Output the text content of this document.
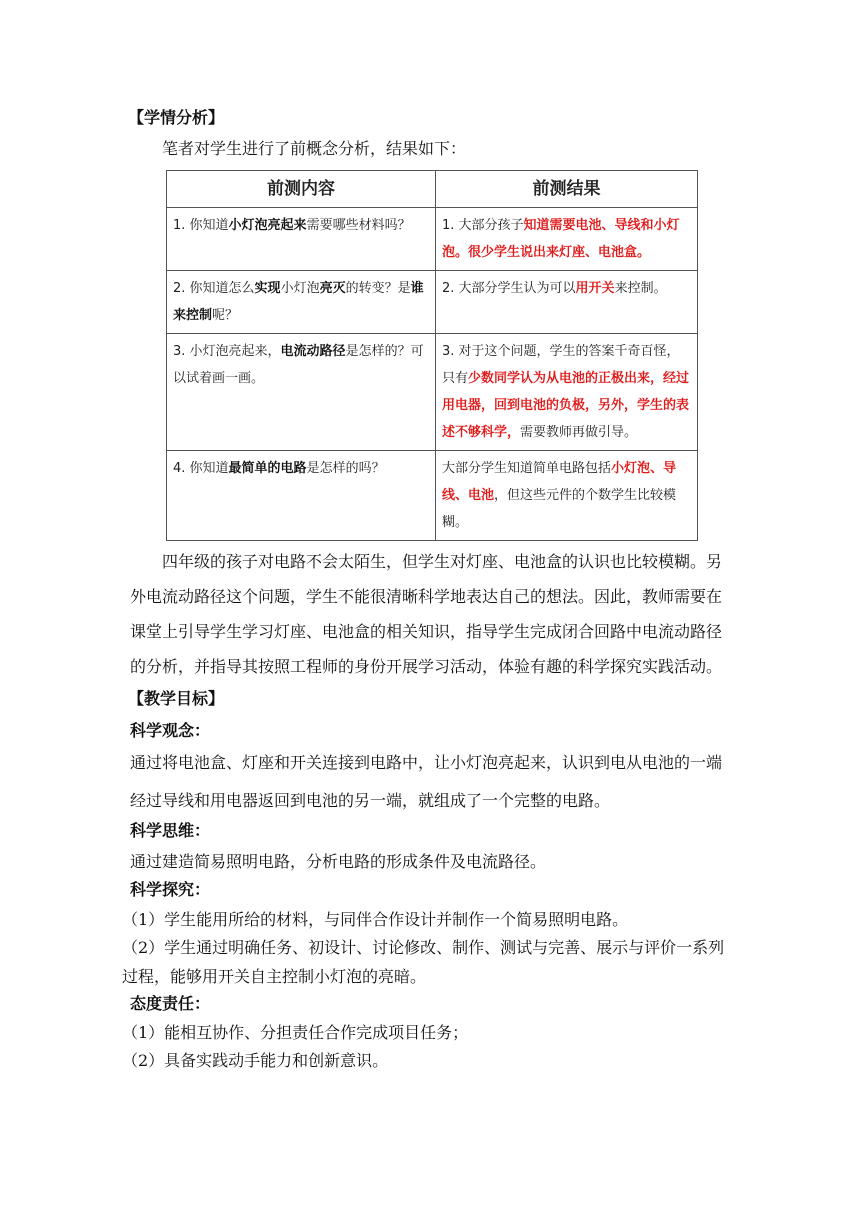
【学情分析】
笔者对学生进行了前概念分析，结果如下：
前测内容	前测结果
1. 你知道小灯泡亮起来需要哪些材料吗？	1. 大部分孩子知道需要电池、导线和小灯泡。很少学生说出来灯座、电池盒。
2. 你知道怎么实现小灯泡亮灭的转变？是谁来控制呢？	2. 大部分学生认为可以用开关来控制。
3. 小灯泡亮起来，电流动路径是怎样的？可以试着画一画。	3. 对于这个问题，学生的答案千奇百怪，只有少数同学认为从电池的正极出来，经过用电器，回到电池的负极，另外，学生的表述不够科学，需要教师再做引导。
4. 你知道最简单的电路是怎样的吗？	大部分学生知道简单电路包括小灯泡、导线、电池，但这些元件的个数学生比较模糊。
四年级的孩子对电路不会太陌生，但学生对灯座、电池盒的认识也比较模糊。另外电流动路径这个问题，学生不能很清晰科学地表达自己的想法。因此，教师需要在课堂上引导学生学习灯座、电池盒的相关知识，指导学生完成闭合回路中电流动路径的分析，并指导其按照工程师的身份开展学习活动，体验有趣的科学探究实践活动。
【教学目标】
科学观念：
通过将电池盒、灯座和开关连接到电路中，让小灯泡亮起来，认识到电从电池的一端经过导线和用电器返回到电池的另一端，就组成了一个完整的电路。
科学思维：
通过建造简易照明电路，分析电路的形成条件及电流路径。
科学探究：
（1）学生能用所给的材料，与同伴合作设计并制作一个简易照明电路。
（2）学生通过明确任务、初设计、讨论修改、制作、测试与完善、展示与评价一系列过程，能够用开关自主控制小灯泡的亮暗。
态度责任：
（1）能相互协作、分担责任合作完成项目任务；
（2）具备实践动手能力和创新意识。
